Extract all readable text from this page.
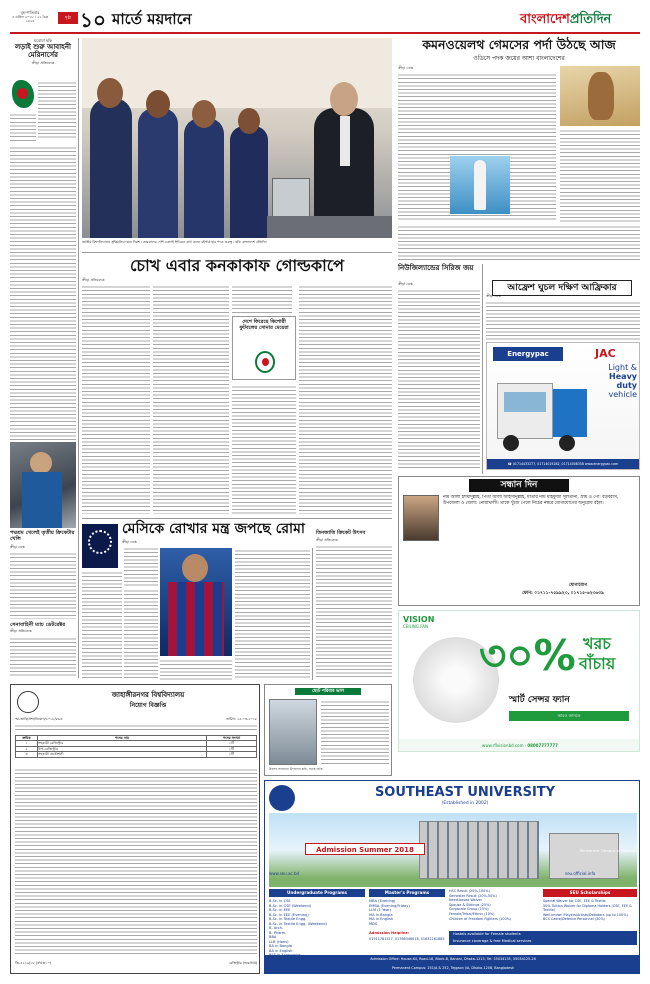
বৃহস্পতিবার
৫ এপ্রিল ২০১৮ । ২২ চৈত্র ১৪২৪
পৃষ্ঠা ১০ মার্তে ময়দানে	বাংলাদেশপ্রতিদিন
ঘরোয়া হকি
লড়াই শুরু আবাহনী মেরিনার্সের
ক্রীড়া প্রতিবেদক
পদ্মশ্রম খেলেই তৃতীয় ক্রিকেটার খেলি
ক্রীড়া ডেস্ক
সেনাবাহিনী ম্যাচ ডেটরেক্টর
ক্রীড়া প্রতিবেদক
জাতীয় বিশ্বদলিদ্যালয় হ্রক্ষিমলিনে ছাত্র দিকশ । তারকাদের দেশি একদাই ইন্টারনে কথা বলেন বইপার্ক হার পদক গুরুত্ব । ছবি: বাংলাদেশ প্রতিদিন
কমনওয়েলথ গেমসের পর্দা উঠছে আজ
ওডিসে পদক জয়ের আশা বাংলাদেশের
ক্রীড়া ডেস্ক
চোখ এবার কনকাকাফ গোল্ডকাপে
ক্রীড়া প্রতিবেদক
দেশে ফিরেছে কিশোরী ফুটবলের সোনার মেয়েরা
নিউজিল্যান্ডের সিরিজ জয়
ক্রীড়া ডেস্ক	আফ্রেশ ঘুচল দক্ষিণ আফ্রিকার
ক্রীড়া ডেস্ক
Energypac	JAC
Light &
Heavy
duty
vehicle
☎ 01714433277, 01714019282, 01714008358 www.energypac.com
মেসিকে রোখার মন্ত্র জপছে রোমা
ক্রীড়া ডেস্ক
তিনজাতি ক্রিকেট উৎসব
ক্রীড়া প্রতিবেদক
সন্ধান দিন
নাম আলী ইশমাদুল্লাহ, পিতা আলী আহসানুল্লাহ, মাতার নাম মাহফুজা সুলতানা, গ্রাম ও পো: বড়বরাস, উপজেলা ও জেলা: নোয়াখালী। তাকে খুঁজে পেলে নিচের নম্বরে যোগাযোগের অনুরোধ রইল।
যোগাযোগ
ফোন: ০১৭১১-৭৫৯৯২৩, ০১৭১৫-৬২৩৬৩৯
VISION
CEILING FAN
৩০% খরচ
বাঁচায়
স্মার্ট সেন্সর ফ্যান
আরও জানতে
www.rflvisionbd.com · 08007777777
জাহাঙ্গীরনগর বিশ্ববিদ্যালয়
নিয়োগ বিজ্ঞপ্তি
স্মা-জাবি/প্রশা/নিয়োগ/২০১৮/৮৬৩	তারিখ: ২৫-০৩-২০১৮
ক্রমিক	পদের নাম	পদের সংখ্যা
১	সহকারী রেজিস্ট্রার	১টি
২	উপ-রেজিস্ট্রার	১টি
৩	সহকারী প্রকৌশলী	১টি
জি-৫২১৯/১৮ (৩½×১০)	রেজিস্ট্রার (ভারপ্রাপ্ত)
ছোট পরিবার ভাল
উৎসব সাবধানে উদযাপন করি, সতর্ক থাকি
SOUTHEAST UNIVERSITY
(Established in 2002)
Admission Summer 2018
www.seu.ac.bd	seu.official.info
Permanent Campus at Tejgaon
Undergraduate Programs
B.Sc. in CSE
B.Sc. in CSE (Weekend)
B.Sc. in EEE
B.Sc. in EEE (Evening)
B.Sc. in Textile Engg.
B.Sc. in Textile Engg. (Weekend)
B. Arch.
B. Pharm.
BBA
LLB (Hons)
BA in Bangla
BA in English
Master's Programs
MBA (Evening)
EMBA (Evening/Friday)
LLM (1 Year)
MA in Bangla
MA in English
MDS
Admission Helpline:
01911781327, 01766348018, 01632261885
HSC Result (20%-100%)
Semester Result (20%-50%)
Need-based Waiver
Spouse & Siblings (25%)
Corporate Group (15%)
Female/Tribal/Ethnic (10%)
Children of Freedom Fighters (100%)
SEU Scholarships
Special Waiver for CSE, EEE & Textile
50% Tuition Waiver for Diploma Holders (CSE, EEE & Textile)
Well-known Players/Artists/Debaters (up to 100%)
BCS Cadre/Defence Personnel (30%)
Hostels available for Female students
Insurance coverage & free Medical services
Admission Office: House-64, Road-18, Block-B, Banani, Dhaka-1213, Tel: 55034135, 55034125-28
Permanent Campus: 251/A & 252, Tejgaon I/A, Dhaka-1208, Bangladesh
